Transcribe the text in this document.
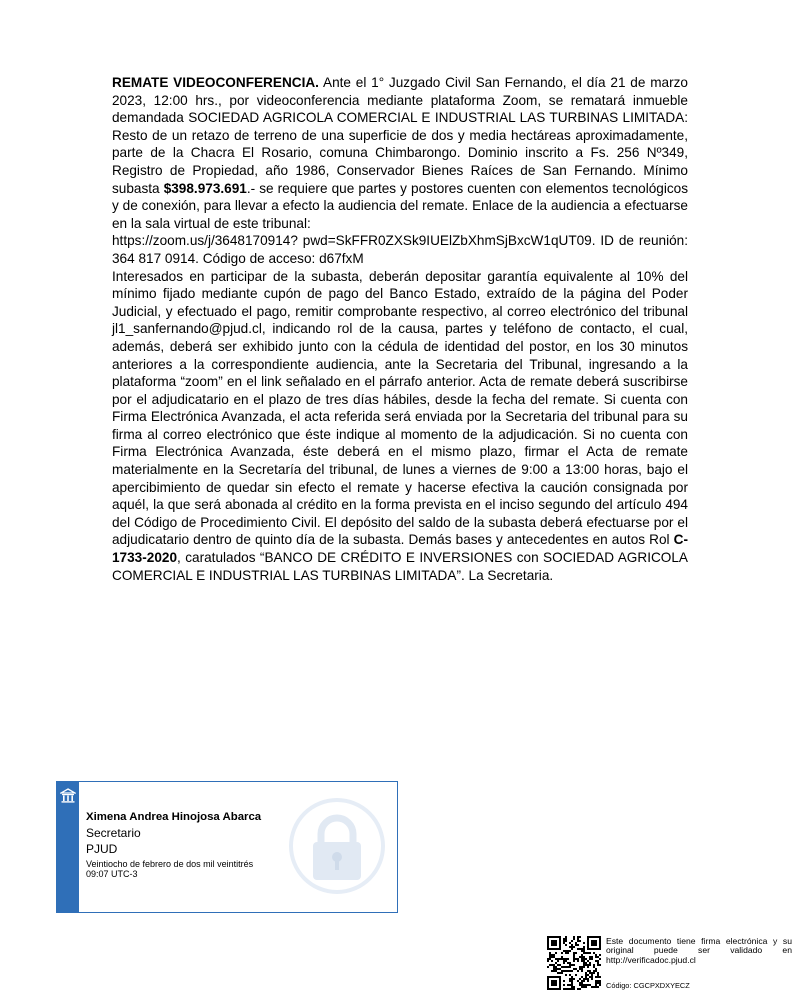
REMATE VIDEOCONFERENCIA. Ante el 1° Juzgado Civil San Fernando, el día 21 de marzo 2023, 12:00 hrs., por videoconferencia mediante plataforma Zoom, se rematará inmueble demandada SOCIEDAD AGRICOLA COMERCIAL E INDUSTRIAL LAS TURBINAS LIMITADA: Resto de un retazo de terreno de una superficie de dos y media hectáreas aproximadamente, parte de la Chacra El Rosario, comuna Chimbarongo. Dominio inscrito a Fs. 256 Nº349, Registro de Propiedad, año 1986, Conservador Bienes Raíces de San Fernando. Mínimo subasta $398.973.691.- se requiere que partes y postores cuenten con elementos tecnológicos y de conexión, para llevar a efecto la audiencia del remate. Enlace de la audiencia a efectuarse en la sala virtual de este tribunal:

https://zoom.us/j/3648170914? pwd=SkFFR0ZXSk9IUElZbXhmSjBxcW1qUT09. ID de reunión: 364 817 0914. Código de acceso: d67fxM

Interesados en participar de la subasta, deberán depositar garantía equivalente al 10% del mínimo fijado mediante cupón de pago del Banco Estado, extraído de la página del Poder Judicial, y efectuado el pago, remitir comprobante respectivo, al correo electrónico del tribunal jl1_sanfernando@pjud.cl, indicando rol de la causa, partes y teléfono de contacto, el cual, además, deberá ser exhibido junto con la cédula de identidad del postor, en los 30 minutos anteriores a la correspondiente audiencia, ante la Secretaria del Tribunal, ingresando a la plataforma “zoom” en el link señalado en el párrafo anterior. Acta de remate deberá suscribirse por el adjudicatario en el plazo de tres días hábiles, desde la fecha del remate. Si cuenta con Firma Electrónica Avanzada, el acta referida será enviada por la Secretaria del tribunal para su firma al correo electrónico que éste indique al momento de la adjudicación. Si no cuenta con Firma Electrónica Avanzada, éste deberá en el mismo plazo, firmar el Acta de remate materialmente en la Secretaría del tribunal, de lunes a viernes de 9:00 a 13:00 horas, bajo el apercibimiento de quedar sin efecto el remate y hacerse efectiva la caución consignada por aquél, la que será abonada al crédito en la forma prevista en el inciso segundo del artículo 494 del Código de Procedimiento Civil. El depósito del saldo de la subasta deberá efectuarse por el adjudicatario dentro de quinto día de la subasta. Demás bases y antecedentes en autos Rol C-1733-2020, caratulados “BANCO DE CRÉDITO E INVERSIONES con SOCIEDAD AGRICOLA COMERCIAL E INDUSTRIAL LAS TURBINAS LIMITADA”. La Secretaria.

Ximena Andrea Hinojosa Abarca
Secretario
PJUD
Veintiocho de febrero de dos mil veintitrés
09:07 UTC-3
Este documento tiene firma electrónica y su original puede ser validado en http://verificadoc.pjud.cl
Código: CGCPXDXYECZ
